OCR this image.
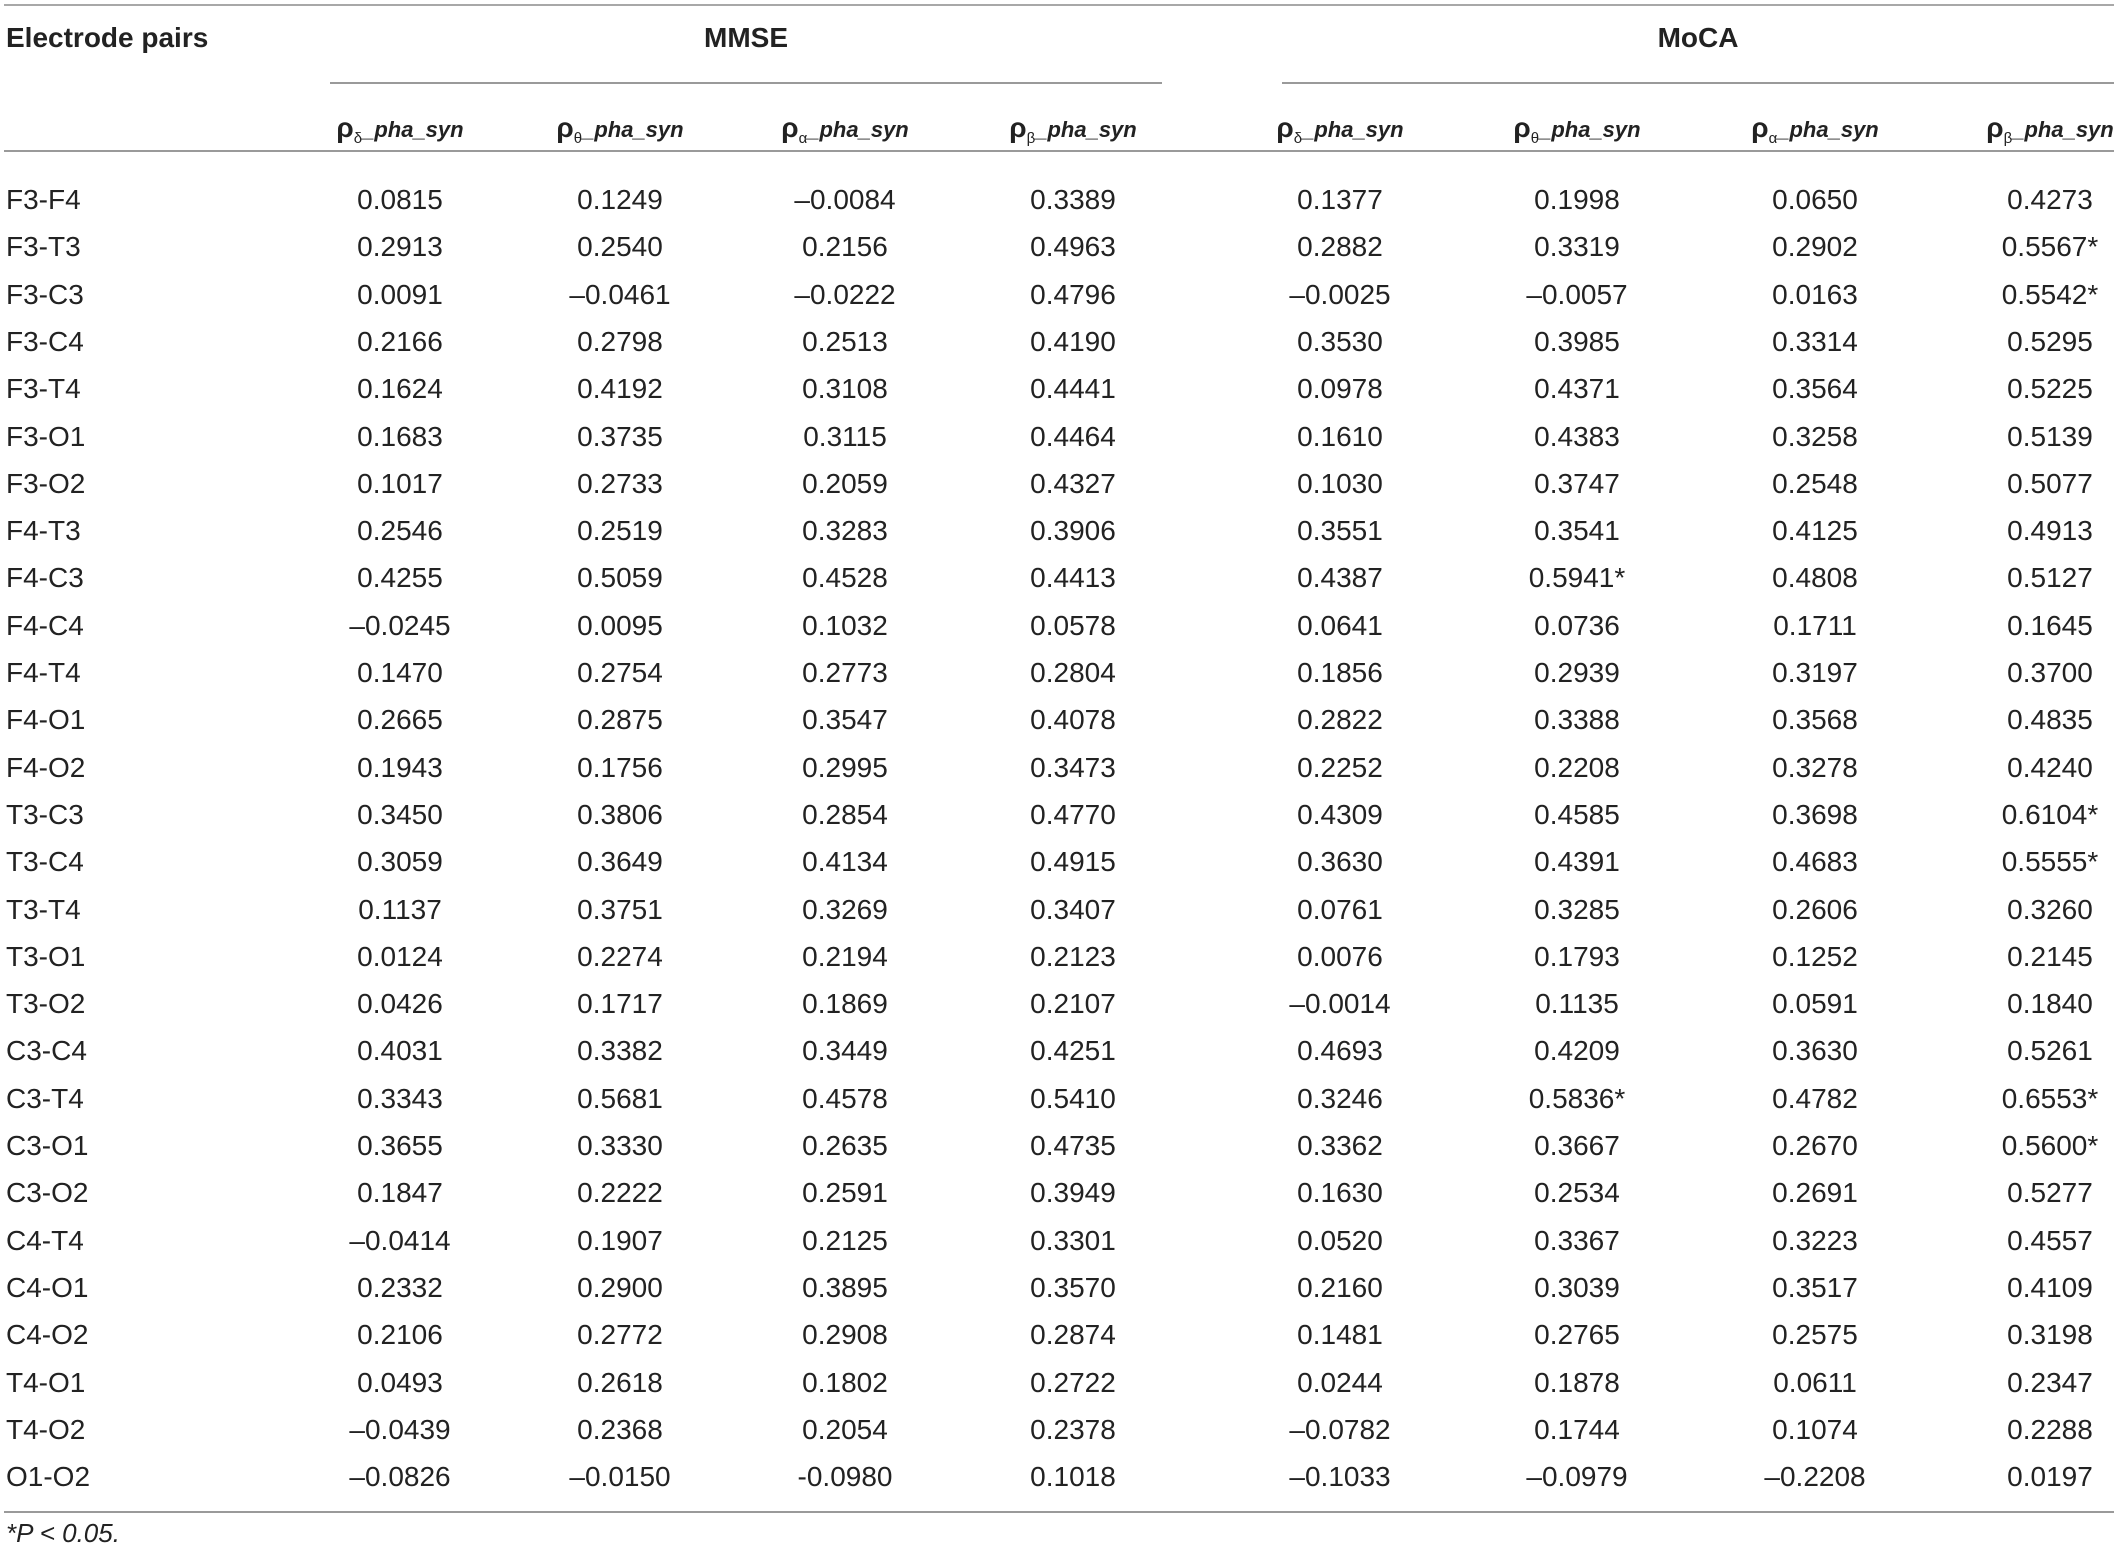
Electrode pairs	MMSE	MoCA
$\rho_\delta\_pha\_syn$	$\rho_\theta\_pha\_syn$	$\rho_\alpha\_pha\_syn$	$\rho_\beta\_pha\_syn$	$\rho_\delta\_pha\_syn$	$\rho_\theta\_pha\_syn$	$\rho_\alpha\_pha\_syn$	$\rho_\beta\_pha\_syn$
F3-F4	0.0815	0.1249	–0.0084	0.3389	0.1377	0.1998	0.0650	0.4273
F3-T3	0.2913	0.2540	0.2156	0.4963	0.2882	0.3319	0.2902	0.5567*
F3-C3	0.0091	–0.0461	–0.0222	0.4796	–0.0025	–0.0057	0.0163	0.5542*
F3-C4	0.2166	0.2798	0.2513	0.4190	0.3530	0.3985	0.3314	0.5295
F3-T4	0.1624	0.4192	0.3108	0.4441	0.0978	0.4371	0.3564	0.5225
F3-O1	0.1683	0.3735	0.3115	0.4464	0.1610	0.4383	0.3258	0.5139
F3-O2	0.1017	0.2733	0.2059	0.4327	0.1030	0.3747	0.2548	0.5077
F4-T3	0.2546	0.2519	0.3283	0.3906	0.3551	0.3541	0.4125	0.4913
F4-C3	0.4255	0.5059	0.4528	0.4413	0.4387	0.5941*	0.4808	0.5127
F4-C4	–0.0245	0.0095	0.1032	0.0578	0.0641	0.0736	0.1711	0.1645
F4-T4	0.1470	0.2754	0.2773	0.2804	0.1856	0.2939	0.3197	0.3700
F4-O1	0.2665	0.2875	0.3547	0.4078	0.2822	0.3388	0.3568	0.4835
F4-O2	0.1943	0.1756	0.2995	0.3473	0.2252	0.2208	0.3278	0.4240
T3-C3	0.3450	0.3806	0.2854	0.4770	0.4309	0.4585	0.3698	0.6104*
T3-C4	0.3059	0.3649	0.4134	0.4915	0.3630	0.4391	0.4683	0.5555*
T3-T4	0.1137	0.3751	0.3269	0.3407	0.0761	0.3285	0.2606	0.3260
T3-O1	0.0124	0.2274	0.2194	0.2123	0.0076	0.1793	0.1252	0.2145
T3-O2	0.0426	0.1717	0.1869	0.2107	–0.0014	0.1135	0.0591	0.1840
C3-C4	0.4031	0.3382	0.3449	0.4251	0.4693	0.4209	0.3630	0.5261
C3-T4	0.3343	0.5681	0.4578	0.5410	0.3246	0.5836*	0.4782	0.6553*
C3-O1	0.3655	0.3330	0.2635	0.4735	0.3362	0.3667	0.2670	0.5600*
C3-O2	0.1847	0.2222	0.2591	0.3949	0.1630	0.2534	0.2691	0.5277
C4-T4	–0.0414	0.1907	0.2125	0.3301	0.0520	0.3367	0.3223	0.4557
C4-O1	0.2332	0.2900	0.3895	0.3570	0.2160	0.3039	0.3517	0.4109
C4-O2	0.2106	0.2772	0.2908	0.2874	0.1481	0.2765	0.2575	0.3198
T4-O1	0.0493	0.2618	0.1802	0.2722	0.0244	0.1878	0.0611	0.2347
T4-O2	–0.0439	0.2368	0.2054	0.2378	–0.0782	0.1744	0.1074	0.2288
O1-O2	–0.0826	–0.0150	-0.0980	0.1018	–0.1033	–0.0979	–0.2208	0.0197
*P < 0.05.
